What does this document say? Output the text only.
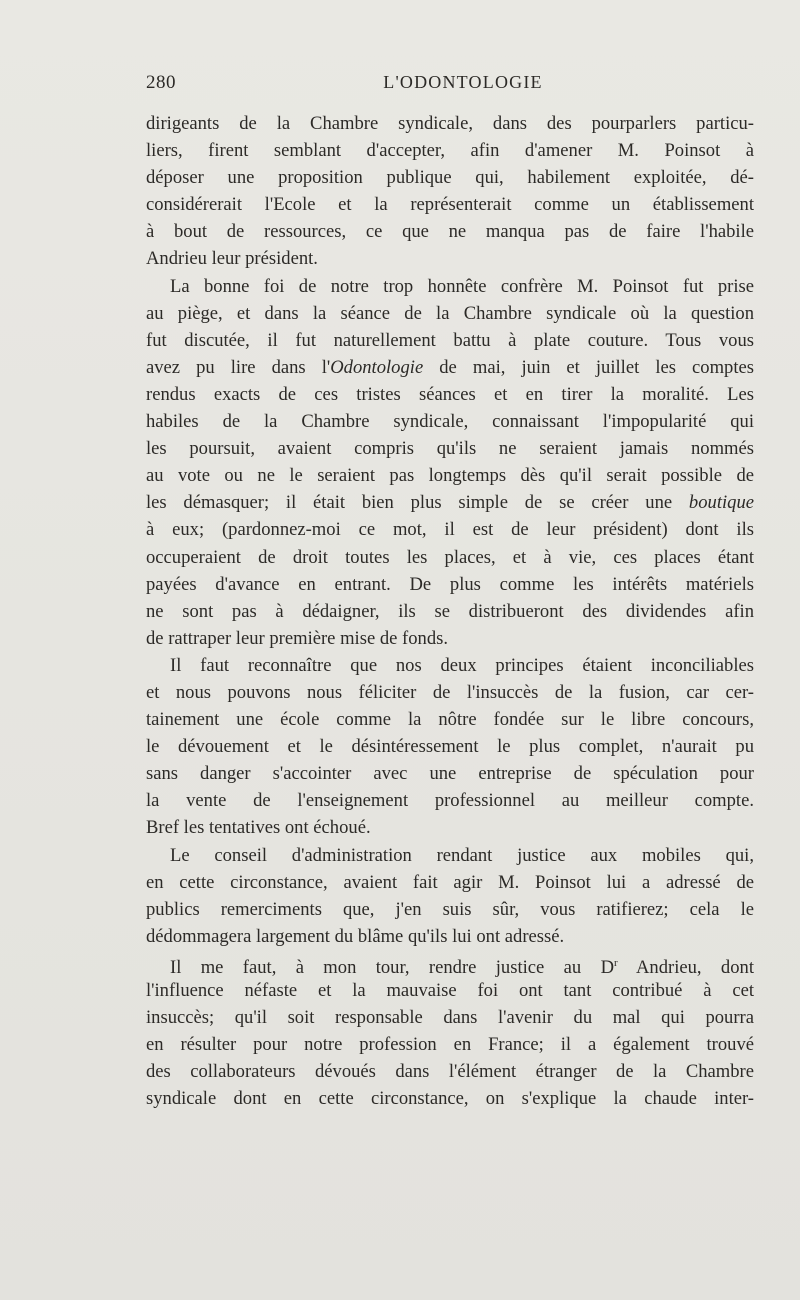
280	L'ODONTOLOGIE
dirigeants de la Chambre syndicale, dans des pourparlers particu-
liers, firent semblant d'accepter, afin d'amener M. Poinsot à
déposer une proposition publique qui, habilement exploitée, dé-
considérerait l'Ecole et la représenterait comme un établissement
à bout de ressources, ce que ne manqua pas de faire l'habile
Andrieu leur président.
La bonne foi de notre trop honnête confrère M. Poinsot fut prise
au piège, et dans la séance de la Chambre syndicale où la question
fut discutée, il fut naturellement battu à plate couture. Tous vous
avez pu lire dans l'Odontologie de mai, juin et juillet les comptes
rendus exacts de ces tristes séances et en tirer la moralité. Les
habiles de la Chambre syndicale, connaissant l'impopularité qui
les poursuit, avaient compris qu'ils ne seraient jamais nommés
au vote ou ne le seraient pas longtemps dès qu'il serait possible de
les démasquer; il était bien plus simple de se créer une boutique
à eux; (pardonnez-moi ce mot, il est de leur président) dont ils
occuperaient de droit toutes les places, et à vie, ces places étant
payées d'avance en entrant. De plus comme les intérêts matériels
ne sont pas à dédaigner, ils se distribueront des dividendes afin
de rattraper leur première mise de fonds.
Il faut reconnaître que nos deux principes étaient inconciliables
et nous pouvons nous féliciter de l'insuccès de la fusion, car cer-
tainement une école comme la nôtre fondée sur le libre concours,
le dévouement et le désintéressement le plus complet, n'aurait pu
sans danger s'accointer avec une entreprise de spéculation pour
la vente de l'enseignement professionnel au meilleur compte.
Bref les tentatives ont échoué.
Le conseil d'administration rendant justice aux mobiles qui,
en cette circonstance, avaient fait agir M. Poinsot lui a adressé de
publics remerciments que, j'en suis sûr, vous ratifierez; cela le
dédommagera largement du blâme qu'ils lui ont adressé.
Il me faut, à mon tour, rendre justice au $D^r$ Andrieu, dont
l'influence néfaste et la mauvaise foi ont tant contribué à cet
insuccès; qu'il soit responsable dans l'avenir du mal qui pourra
en résulter pour notre profession en France; il a également trouvé
des collaborateurs dévoués dans l'élément étranger de la Chambre
syndicale dont en cette circonstance, on s'explique la chaude inter-
